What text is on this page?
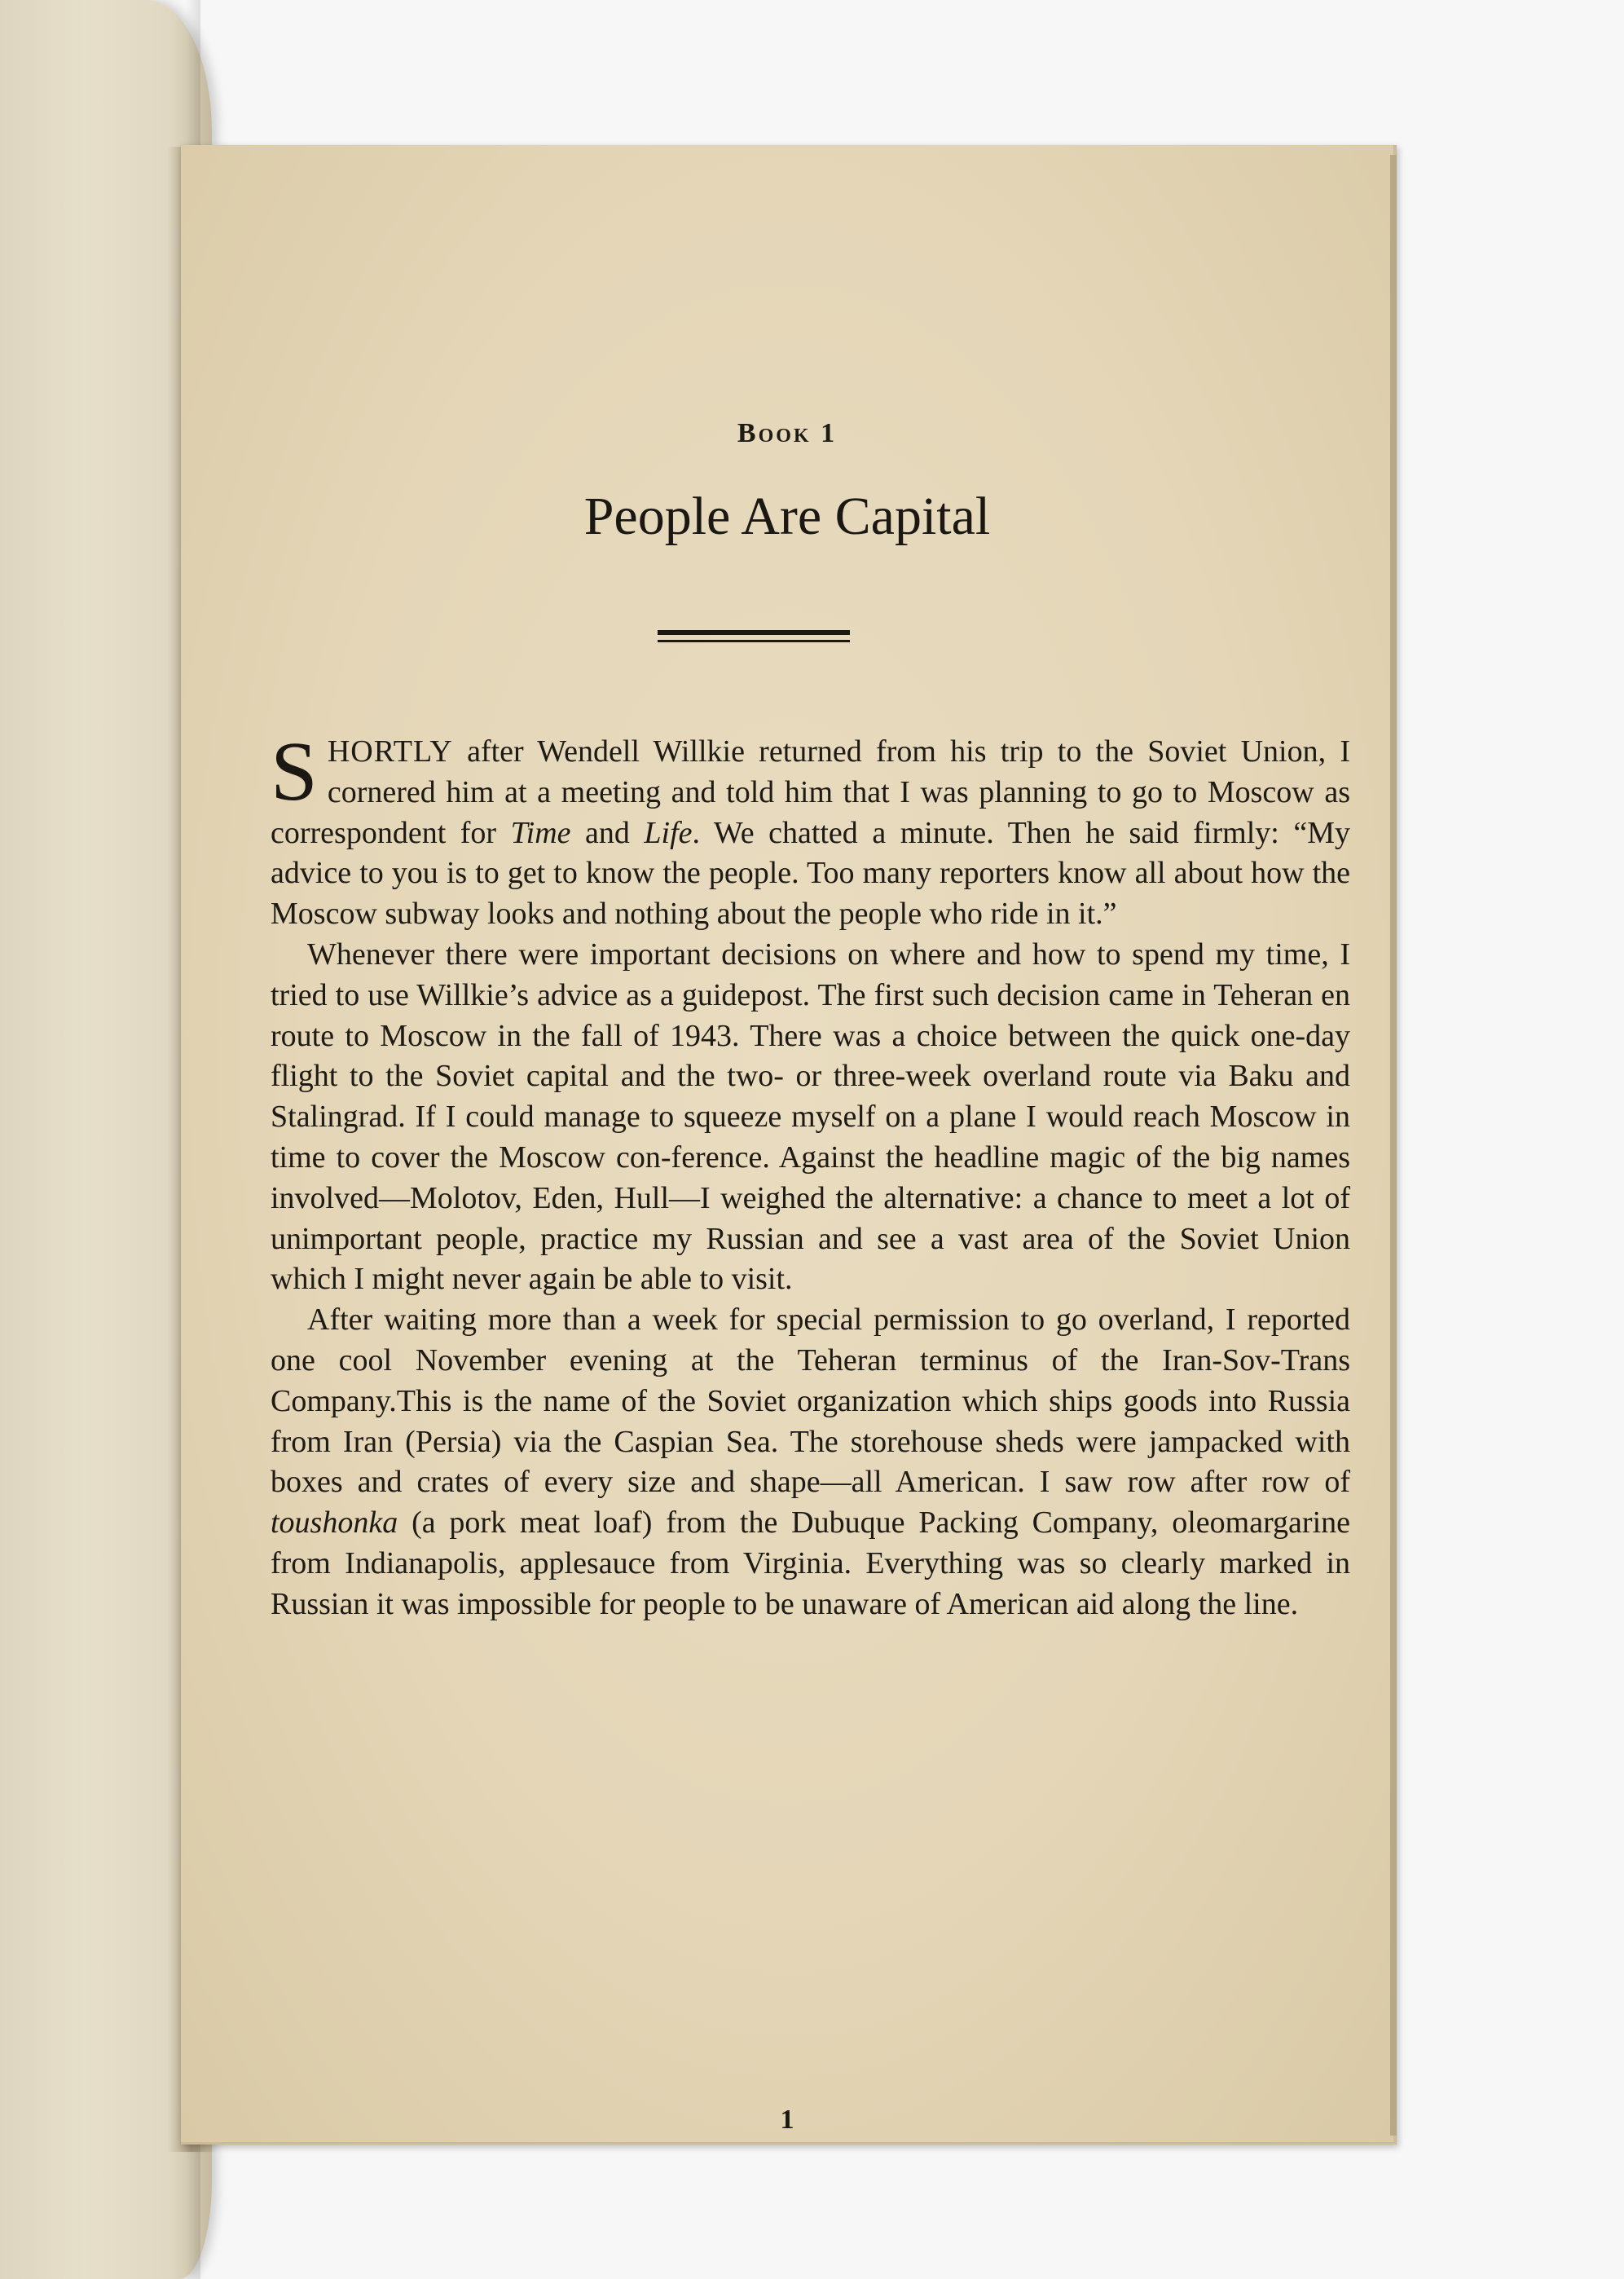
Book 1
People Are Capital

SHORTLY after Wendell Willkie returned from his trip to the Soviet Union, I cornered him at a meeting and told him that I was planning to go to Moscow as correspondent for Time and Life. We chatted a minute. Then he said firmly: “My advice to you is to get to know the people. Too many reporters know all about how the Moscow subway looks and nothing about the people who ride in it.”

Whenever there were important decisions on where and how to spend my time, I tried to use Willkie’s advice as a guidepost. The first such decision came in Teheran en route to Moscow in the fall of 1943. There was a choice between the quick one-day flight to the Soviet capital and the two- or three-week overland route via Baku and Stalingrad. If I could manage to squeeze myself on a plane I would reach Moscow in time to cover the Moscow con-ference. Against the headline magic of the big names involved—Molotov, Eden, Hull—I weighed the alternative: a chance to meet a lot of unimportant people, practice my Russian and see a vast area of the Soviet Union which I might never again be able to visit.

After waiting more than a week for special permission to go overland, I reported one cool November evening at the Teheran terminus of the Iran-Sov-Trans Company.This is the name of the Soviet organization which ships goods into Russia from Iran (Persia) via the Caspian Sea. The storehouse sheds were jampacked with boxes and crates of every size and shape—all American. I saw row after row of toushonka (a pork meat loaf) from the Dubuque Packing Company, oleomargarine from Indianapolis, applesauce from Virginia. Everything was so clearly marked in Russian it was impossible for people to be unaware of American aid along the line.

1
